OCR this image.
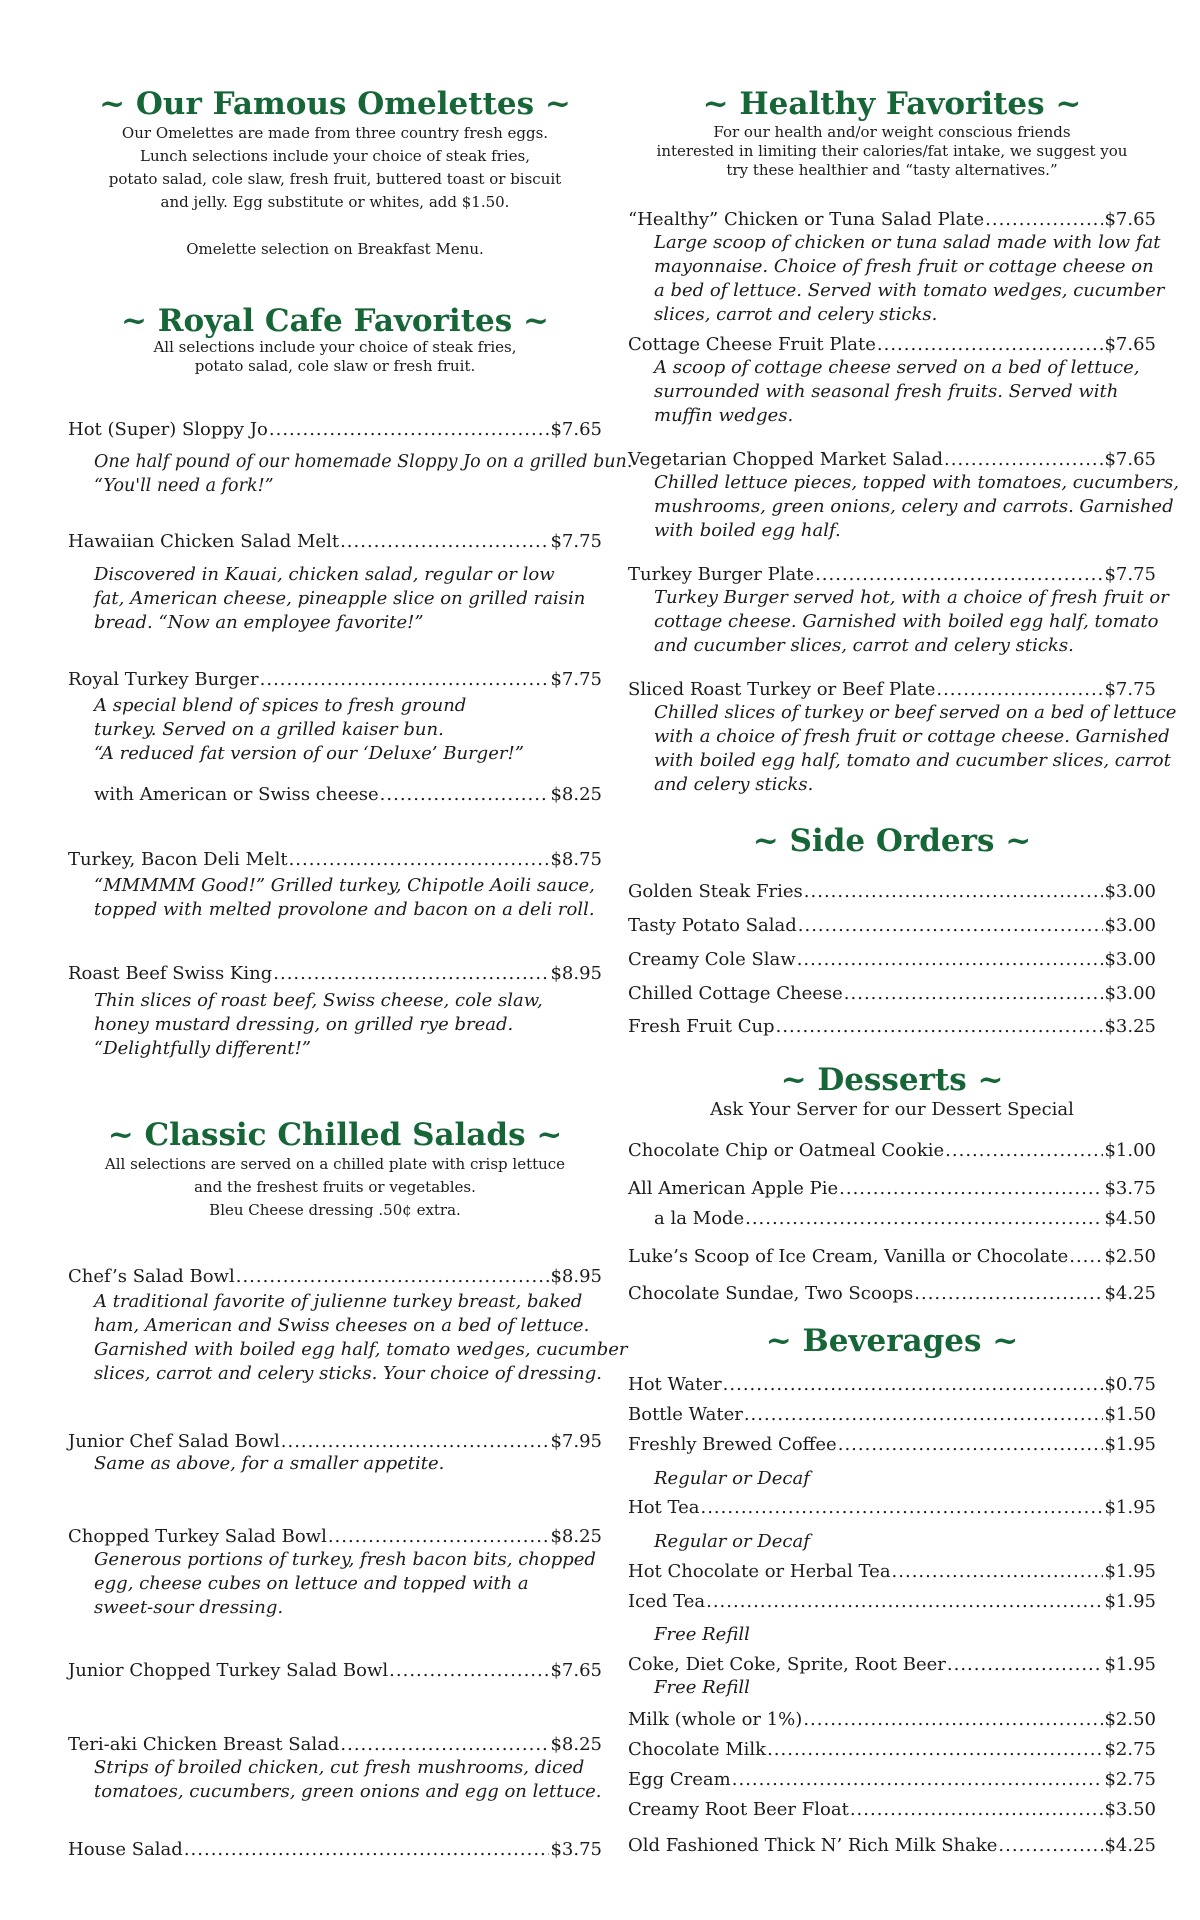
~ Our Famous Omelettes ~
Our Omelettes are made from three country fresh eggs.
Lunch selections include your choice of steak fries,
potato salad, cole slaw, fresh fruit, buttered toast or biscuit
and jelly. Egg substitute or whites, add $1.50.
Omelette selection on Breakfast Menu.
~ Royal Cafe Favorites ~
All selections include your choice of steak fries,
potato salad, cole slaw or fresh fruit.
Hot (Super) Sloppy Jo .....	$7.65
One half pound of our homemade Sloppy Jo on a grilled bun.
“You'll need a fork!”
Hawaiian Chicken Salad Melt .....	$7.75
Discovered in Kauai, chicken salad, regular or low
fat, American cheese, pineapple slice on grilled raisin
bread. “Now an employee favorite!”
Royal Turkey Burger .....	$7.75
A special blend of spices to fresh ground
turkey. Served on a grilled kaiser bun.
“A reduced fat version of our ‘Deluxe’ Burger!”
with American or Swiss cheese .....	$8.25
Turkey, Bacon Deli Melt .....	$8.75
“MMMMM Good!” Grilled turkey, Chipotle Aoili sauce,
topped with melted provolone and bacon on a deli roll.
Roast Beef Swiss King .....	$8.95
Thin slices of roast beef, Swiss cheese, cole slaw,
honey mustard dressing, on grilled rye bread.
“Delightfully different!”
~ Classic Chilled Salads ~
All selections are served on a chilled plate with crisp lettuce
and the freshest fruits or vegetables.
Bleu Cheese dressing .50¢ extra.
Chef’s Salad Bowl .....	$8.95
A traditional favorite of julienne turkey breast, baked
ham, American and Swiss cheeses on a bed of lettuce.
Garnished with boiled egg half, tomato wedges, cucumber
slices, carrot and celery sticks. Your choice of dressing.
Junior Chef Salad Bowl .....	$7.95
Same as above, for a smaller appetite.
Chopped Turkey Salad Bowl .....	$8.25
Generous portions of turkey, fresh bacon bits, chopped
egg, cheese cubes on lettuce and topped with a
sweet-sour dressing.
Junior Chopped Turkey Salad Bowl .....	$7.65
Teri-aki Chicken Breast Salad .....	$8.25
Strips of broiled chicken, cut fresh mushrooms, diced
tomatoes, cucumbers, green onions and egg on lettuce.
House Salad .....	$3.75
~ Healthy Favorites ~
For our health and/or weight conscious friends
interested in limiting their calories/fat intake, we suggest you
try these healthier and “tasty alternatives.”
“Healthy” Chicken or Tuna Salad Plate .....	$7.65
Large scoop of chicken or tuna salad made with low fat
mayonnaise. Choice of fresh fruit or cottage cheese on
a bed of lettuce. Served with tomato wedges, cucumber
slices, carrot and celery sticks.
Cottage Cheese Fruit Plate .....	$7.65
A scoop of cottage cheese served on a bed of lettuce,
surrounded with seasonal fresh fruits. Served with
muffin wedges.
Vegetarian Chopped Market Salad .....	$7.65
Chilled lettuce pieces, topped with tomatoes, cucumbers,
mushrooms, green onions, celery and carrots. Garnished
with boiled egg half.
Turkey Burger Plate .....	$7.75
Turkey Burger served hot, with a choice of fresh fruit or
cottage cheese. Garnished with boiled egg half, tomato
and cucumber slices, carrot and celery sticks.
Sliced Roast Turkey or Beef Plate .....	$7.75
Chilled slices of turkey or beef served on a bed of lettuce
with a choice of fresh fruit or cottage cheese. Garnished
with boiled egg half, tomato and cucumber slices, carrot
and celery sticks.
~ Side Orders ~
Golden Steak Fries .....	$3.00
Tasty Potato Salad .....	$3.00
Creamy Cole Slaw .....	$3.00
Chilled Cottage Cheese .....	$3.00
Fresh Fruit Cup .....	$3.25
~ Desserts ~
Ask Your Server for our Dessert Special
Chocolate Chip or Oatmeal Cookie .....	$1.00
All American Apple Pie .....	$3.75
a la Mode .....	$4.50
Luke’s Scoop of Ice Cream, Vanilla or Chocolate ..... $2.50
Chocolate Sundae, Two Scoops .....	$4.25
~ Beverages ~
Hot Water .....	$0.75
Bottle Water .....	$1.50
Freshly Brewed Coffee .....	$1.95
Regular or Decaf
Hot Tea .....	$1.95
Regular or Decaf
Hot Chocolate or Herbal Tea .....	$1.95
Iced Tea .....	$1.95
Free Refill
Coke, Diet Coke, Sprite, Root Beer .....	$1.95
Free Refill
Milk (whole or 1%) .....	$2.50
Chocolate Milk .....	$2.75
Egg Cream .....	$2.75
Creamy Root Beer Float .....	$3.50
Old Fashioned Thick N’ Rich Milk Shake .....	$4.25
